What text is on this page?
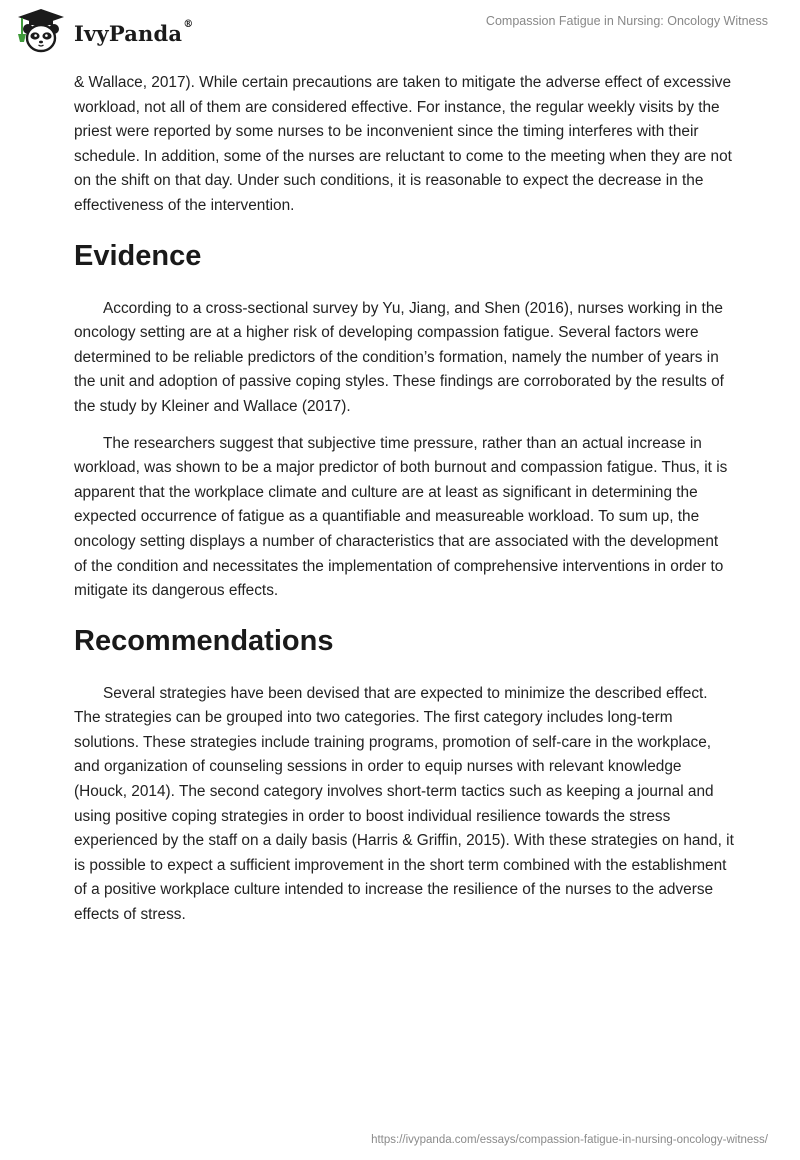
IvyPanda®	Compassion Fatigue in Nursing: Oncology Witness

& Wallace, 2017). While certain precautions are taken to mitigate the adverse effect of excessive workload, not all of them are considered effective. For instance, the regular weekly visits by the priest were reported by some nurses to be inconvenient since the timing interferes with their schedule. In addition, some of the nurses are reluctant to come to the meeting when they are not on the shift on that day. Under such conditions, it is reasonable to expect the decrease in the effectiveness of the intervention.

Evidence

According to a cross-sectional survey by Yu, Jiang, and Shen (2016), nurses working in the oncology setting are at a higher risk of developing compassion fatigue. Several factors were determined to be reliable predictors of the condition’s formation, namely the number of years in the unit and adoption of passive coping styles. These findings are corroborated by the results of the study by Kleiner and Wallace (2017).

The researchers suggest that subjective time pressure, rather than an actual increase in workload, was shown to be a major predictor of both burnout and compassion fatigue. Thus, it is apparent that the workplace climate and culture are at least as significant in determining the expected occurrence of fatigue as a quantifiable and measureable workload. To sum up, the oncology setting displays a number of characteristics that are associated with the development of the condition and necessitates the implementation of comprehensive interventions in order to mitigate its dangerous effects.

Recommendations

Several strategies have been devised that are expected to minimize the described effect. The strategies can be grouped into two categories. The first category includes long-term solutions. These strategies include training programs, promotion of self-care in the workplace, and organization of counseling sessions in order to equip nurses with relevant knowledge (Houck, 2014). The second category involves short-term tactics such as keeping a journal and using positive coping strategies in order to boost individual resilience towards the stress experienced by the staff on a daily basis (Harris & Griffin, 2015). With these strategies on hand, it is possible to expect a sufficient improvement in the short term combined with the establishment of a positive workplace culture intended to increase the resilience of the nurses to the adverse effects of stress.

https://ivypanda.com/essays/compassion-fatigue-in-nursing-oncology-witness/
